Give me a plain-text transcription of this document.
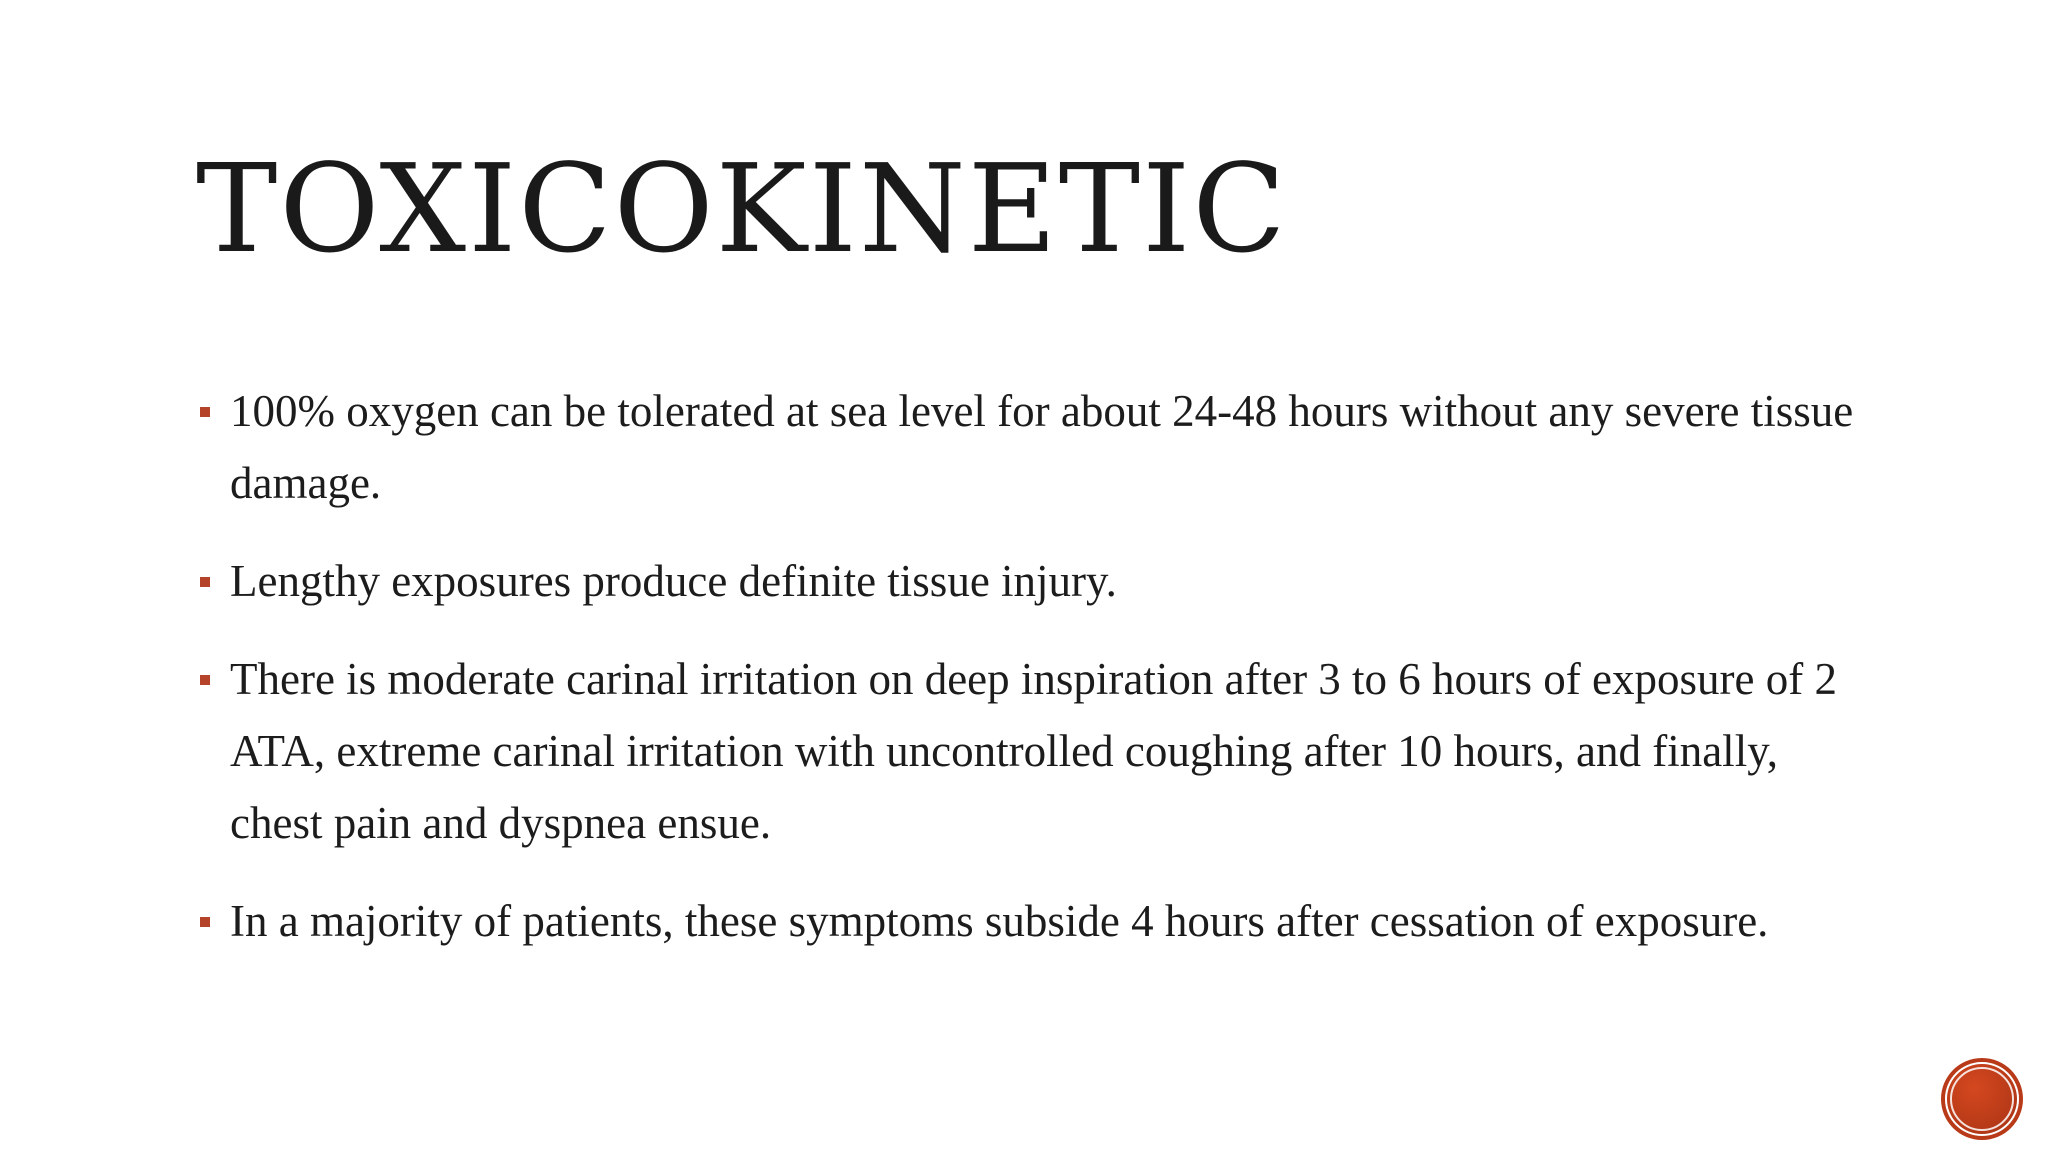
TOXICOKINETIC
100% oxygen can be tolerated at sea level for about 24-48 hours without any severe tissue damage.
Lengthy exposures produce definite tissue injury.
There is moderate carinal irritation on deep inspiration after 3 to 6 hours of exposure of 2 ATA, extreme carinal irritation with uncontrolled coughing after 10 hours, and finally, chest pain and dyspnea ensue.
In a majority of patients, these symptoms subside 4 hours after cessation of exposure.
